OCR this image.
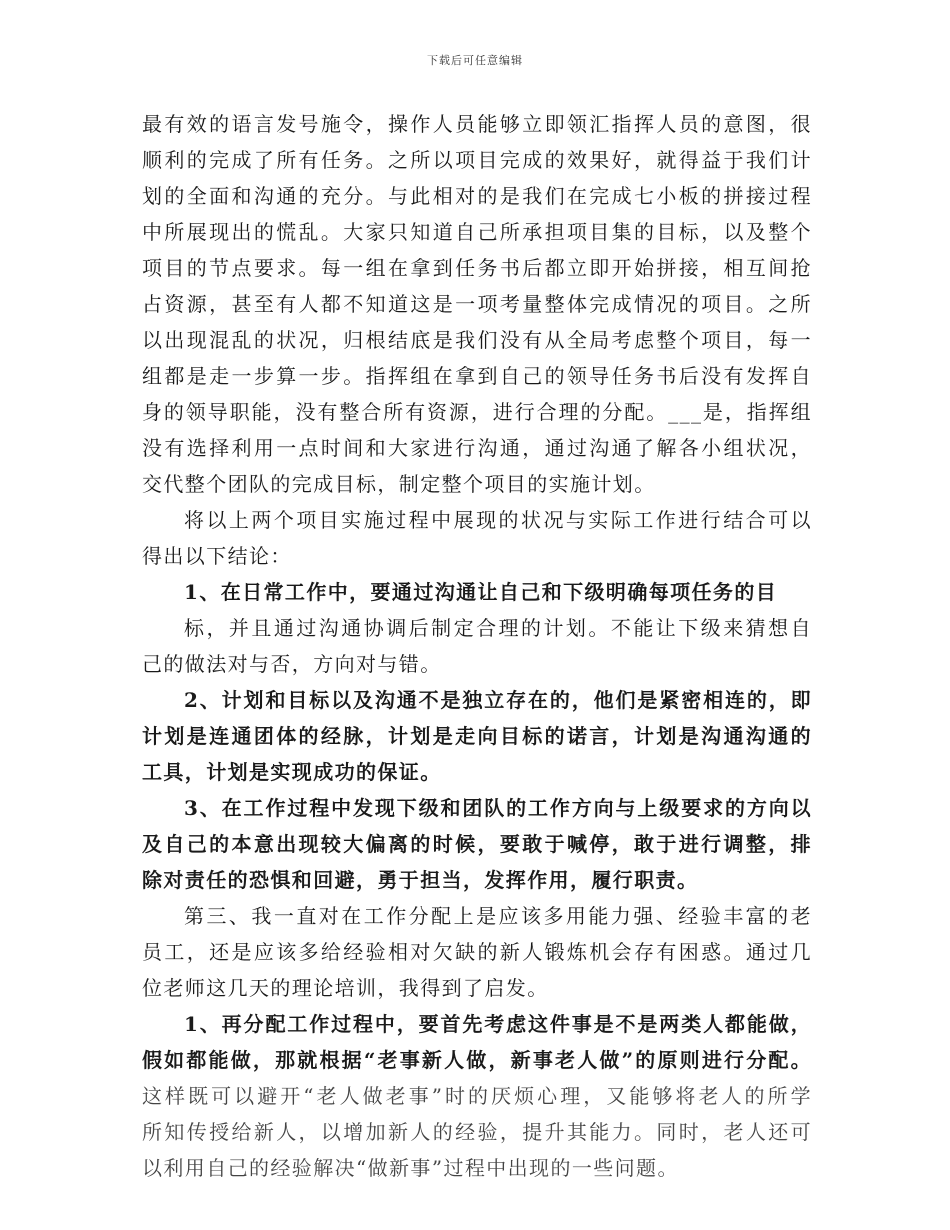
下载后可任意编辑
最有效的语言发号施令，操作人员能够立即领汇指挥人员的意图，很
顺利的完成了所有任务。之所以项目完成的效果好，就得益于我们计
划的全面和沟通的充分。与此相对的是我们在完成七小板的拼接过程
中所展现出的慌乱。大家只知道自己所承担项目集的目标，以及整个
项目的节点要求。每一组在拿到任务书后都立即开始拼接，相互间抢
占资源，甚至有人都不知道这是一项考量整体完成情况的项目。之所
以出现混乱的状况，归根结底是我们没有从全局考虑整个项目，每一
组都是走一步算一步。指挥组在拿到自己的领导任务书后没有发挥自
身的领导职能，没有整合所有资源，进行合理的分配。___是，指挥组
没有选择利用一点时间和大家进行沟通，通过沟通了解各小组状况，
交代整个团队的完成目标，制定整个项目的实施计划。
将以上两个项目实施过程中展现的状况与实际工作进行结合可以
得出以下结论：
1、在日常工作中，要通过沟通让自己和下级明确每项任务的目
标，并且通过沟通协调后制定合理的计划。不能让下级来猜想自
己的做法对与否，方向对与错。
2、计划和目标以及沟通不是独立存在的，他们是紧密相连的，即
计划是连通团体的经脉，计划是走向目标的诺言，计划是沟通沟通的
工具，计划是实现成功的保证。
3、在工作过程中发现下级和团队的工作方向与上级要求的方向以
及自己的本意出现较大偏离的时候，要敢于喊停，敢于进行调整，排
除对责任的恐惧和回避，勇于担当，发挥作用，履行职责。
第三、我一直对在工作分配上是应该多用能力强、经验丰富的老
员工，还是应该多给经验相对欠缺的新人锻炼机会存有困惑。通过几
位老师这几天的理论培训，我得到了启发。
1、再分配工作过程中，要首先考虑这件事是不是两类人都能做，
假如都能做，那就根据“老事新人做，新事老人做”的原则进行分配。
这样既可以避开“老人做老事”时的厌烦心理，又能够将老人的所学
所知传授给新人，以增加新人的经验，提升其能力。同时，老人还可
以利用自己的经验解决“做新事”过程中出现的一些问题。
